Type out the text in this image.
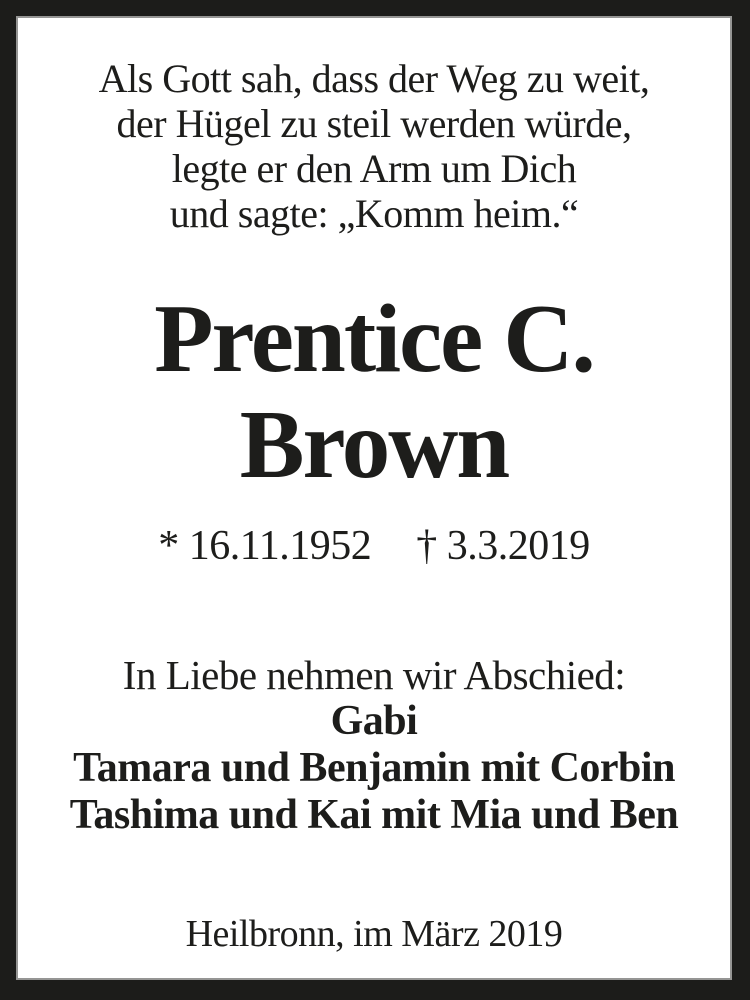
Als Gott sah, dass der Weg zu weit,
der Hügel zu steil werden würde,
legte er den Arm um Dich
und sagte: „Komm heim.“
Prentice C.
Brown
* 16.11.1952 † 3.3.2019
In Liebe nehmen wir Abschied:
Gabi
Tamara und Benjamin mit Corbin
Tashima und Kai mit Mia und Ben
Heilbronn, im März 2019
